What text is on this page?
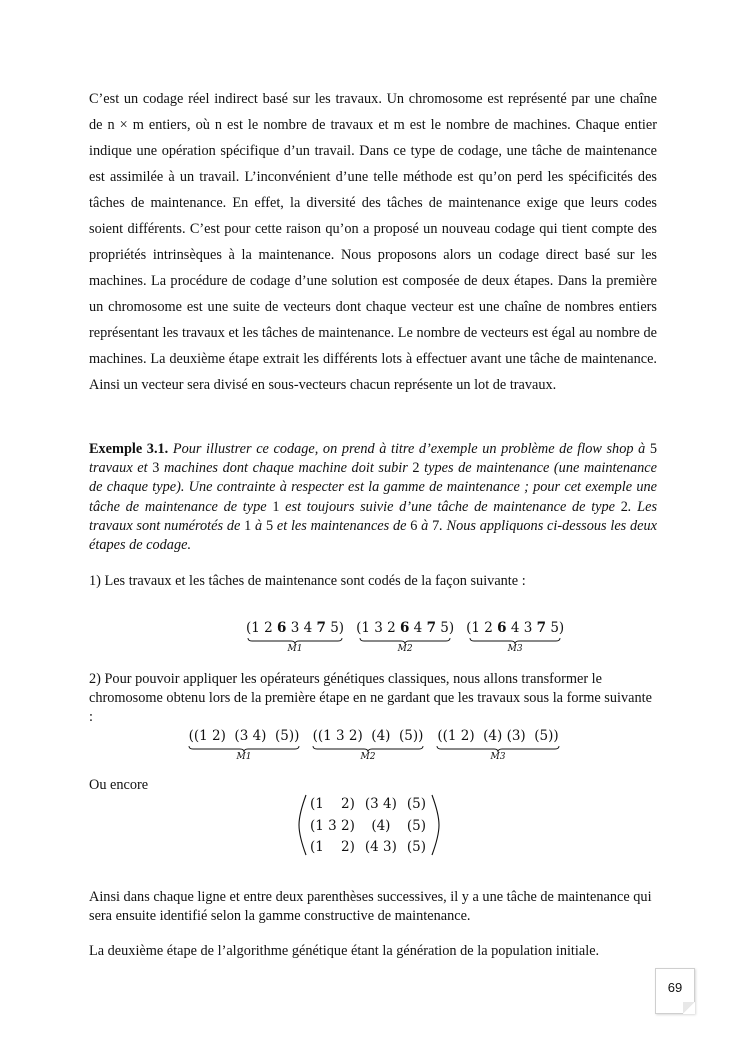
C’est un codage réel indirect basé sur les travaux. Un chromosome est représenté par une chaîne de n × m entiers, où n est le nombre de travaux et m est le nombre de machines. Chaque entier indique une opération spécifique d’un travail. Dans ce type de codage, une tâche de maintenance est assimilée à un travail. L’inconvénient d’une telle méthode est qu’on perd les spécificités des tâches de maintenance. En effet, la diversité des tâches de maintenance exige que leurs codes soient différents. C’est pour cette raison qu’on a proposé un nouveau codage qui tient compte des propriétés intrinsèques à la maintenance. Nous proposons alors un codage direct basé sur les machines. La procédure de codage d’une solution est composée de deux étapes. Dans la première un chromosome est une suite de vecteurs dont chaque vecteur est une chaîne de nombres entiers représentant les travaux et les tâches de maintenance. Le nombre de vecteurs est égal au nombre de machines. La deuxième étape extrait les différents lots à effectuer avant une tâche de maintenance. Ainsi un vecteur sera divisé en sous-vecteurs chacun représente un lot de travaux.

Exemple 3.1. Pour illustrer ce codage, on prend à titre d’exemple un problème de flow shop à 5 travaux et 3 machines dont chaque machine doit subir 2 types de maintenance (une maintenance de chaque type). Une contrainte à respecter est la gamme de maintenance ; pour cet exemple une tâche de maintenance de type 1 est toujours suivie d’une tâche de maintenance de type 2. Les travaux sont numérotés de 1 à 5 et les maintenances de 6 à 7. Nous appliquons ci-dessous les deux étapes de codage.

1) Les travaux et les tâches de maintenance sont codés de la façon suivante :

(1 2 6 3 4 7 5)
M1
(1 3 2 6 4 7 5)
M2
(1 2 6 4 3 7 5)
M3

2) Pour pouvoir appliquer les opérateurs génétiques classiques, nous allons transformer le chromosome obtenu lors de la première étape en ne gardant que les travaux sous la forme suivante :

((1 2)  (3 4)  (5))
M1
((1 3 2)  (4)  (5))
M2
((1 2)  (4) (3)  (5))
M3

Ou encore

(1    2)	(3 4)	(5)
(1 3 2)	(4)	(5)
(1    2)	(4 3)	(5)

Ainsi dans chaque ligne et entre deux parenthèses successives, il y a une tâche de maintenance qui sera ensuite identifié selon la gamme constructive de maintenance.

La deuxième étape de l’algorithme génétique étant la génération de la population initiale.

69
